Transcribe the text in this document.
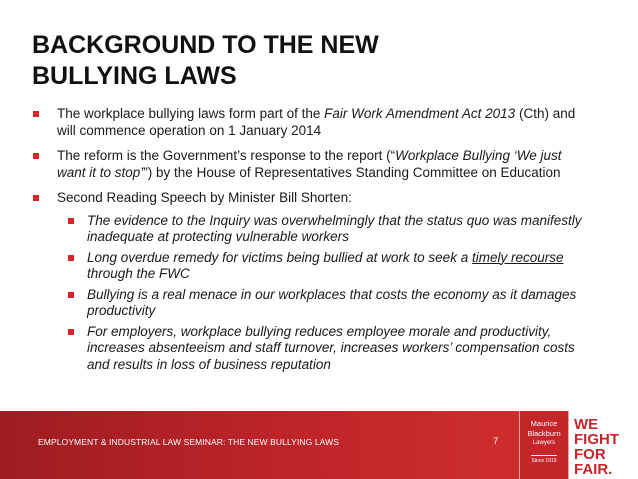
BACKGROUND TO THE NEW
BULLYING LAWS
The workplace bullying laws form part of the Fair Work Amendment Act 2013 (Cth) and will commence operation on 1 January 2014
The reform is the Government’s response to the report (“Workplace Bullying ‘We just want it to stop’”) by the House of Representatives Standing Committee on Education
Second Reading Speech by Minister Bill Shorten:
The evidence to the Inquiry was overwhelmingly that the status quo was manifestly inadequate at protecting vulnerable workers
Long overdue remedy for victims being bullied at work to seek a timely recourse through the FWC
Bullying is a real menace in our workplaces that costs the economy as it damages productivity
For employers, workplace bullying reduces employee morale and productivity, increases absenteeism and staff turnover, increases workers’ compensation costs and results in loss of business reputation
EMPLOYMENT & INDUSTRIAL LAW SEMINAR: THE NEW BULLYING LAWS	7
Maurice
Blackburn
Lawyers
Since 1919
WE
FIGHT
FOR
FAIR.
